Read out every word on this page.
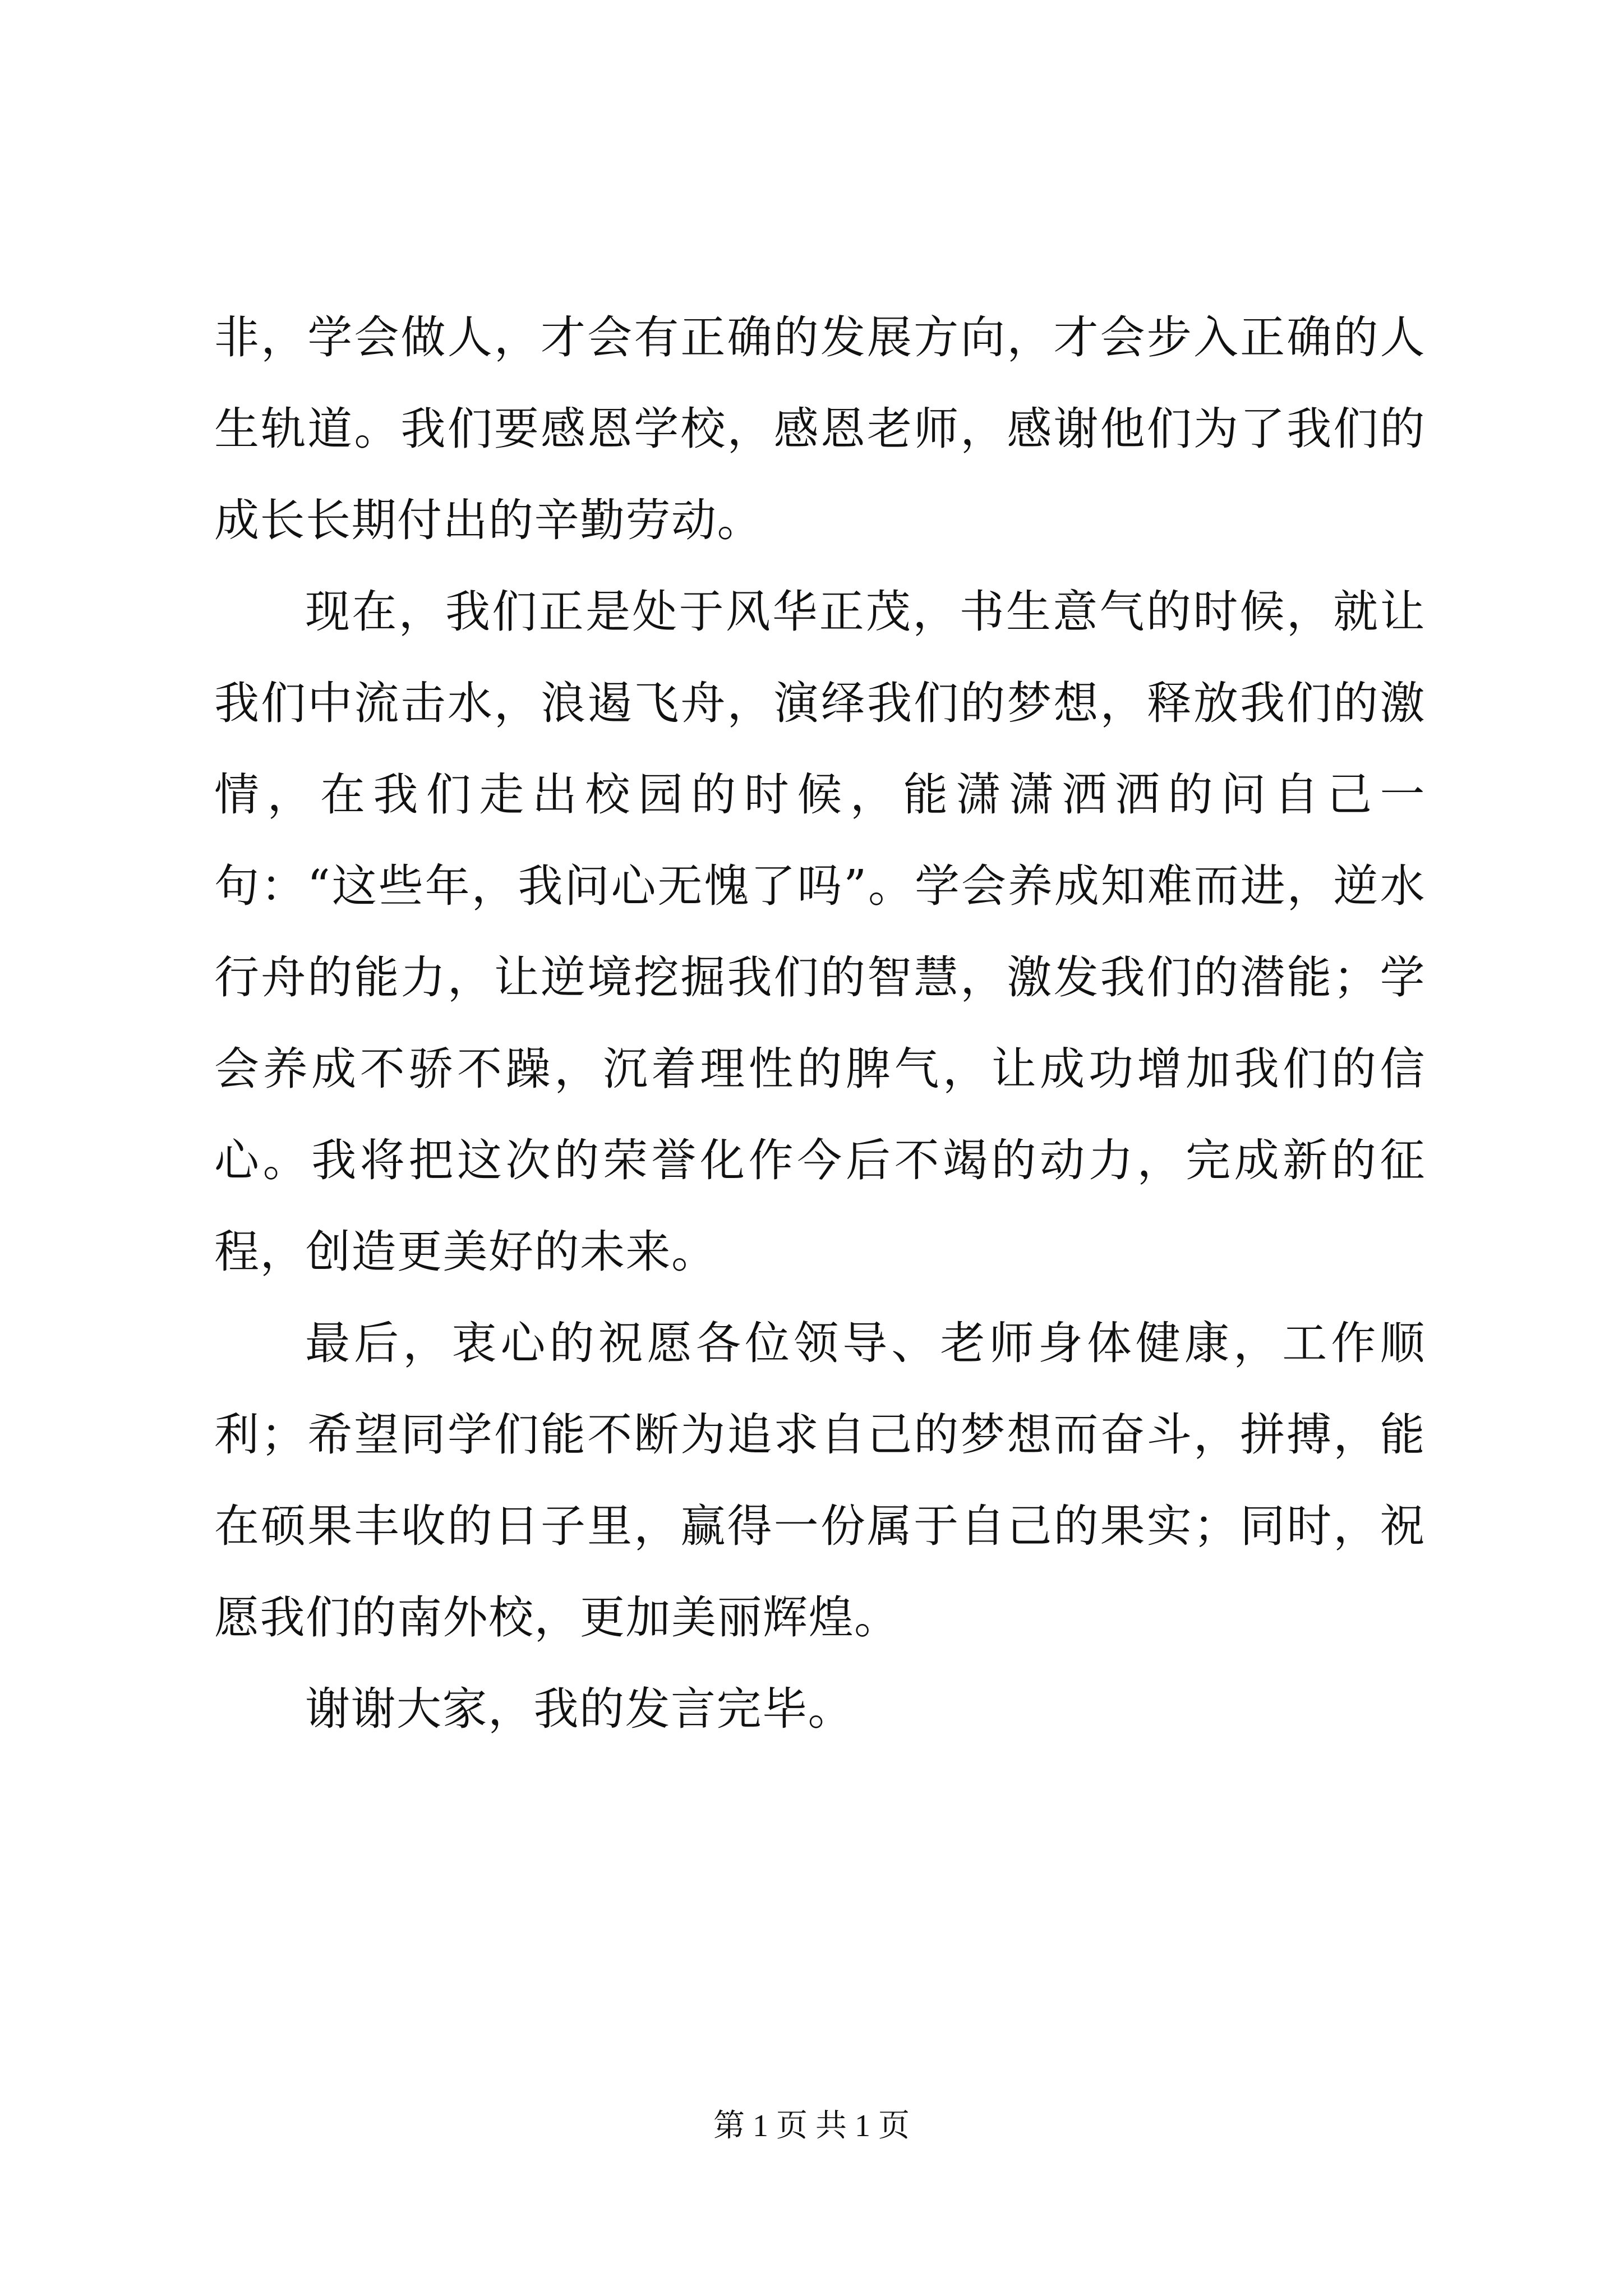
非，学会做人，才会有正确的发展方向，才会步入正确的人生轨道。我们要感恩学校，感恩老师，感谢他们为了我们的成长长期付出的辛勤劳动。

现在，我们正是处于风华正茂，书生意气的时候，就让我们中流击水，浪遏飞舟，演绎我们的梦想，释放我们的激情，在我们走出校园的时候，能潇潇洒洒的问自己一句：“这些年，我问心无愧了吗”。学会养成知难而进，逆水行舟的能力，让逆境挖掘我们的智慧，激发我们的潜能；学会养成不骄不躁，沉着理性的脾气，让成功增加我们的信心。我将把这次的荣誉化作今后不竭的动力，完成新的征程，创造更美好的未来。

最后，衷心的祝愿各位领导、老师身体健康，工作顺利；希望同学们能不断为追求自己的梦想而奋斗，拼搏，能在硕果丰收的日子里，赢得一份属于自己的果实；同时，祝愿我们的南外校，更加美丽辉煌。

谢谢大家，我的发言完毕。

第 1 页 共 1 页
